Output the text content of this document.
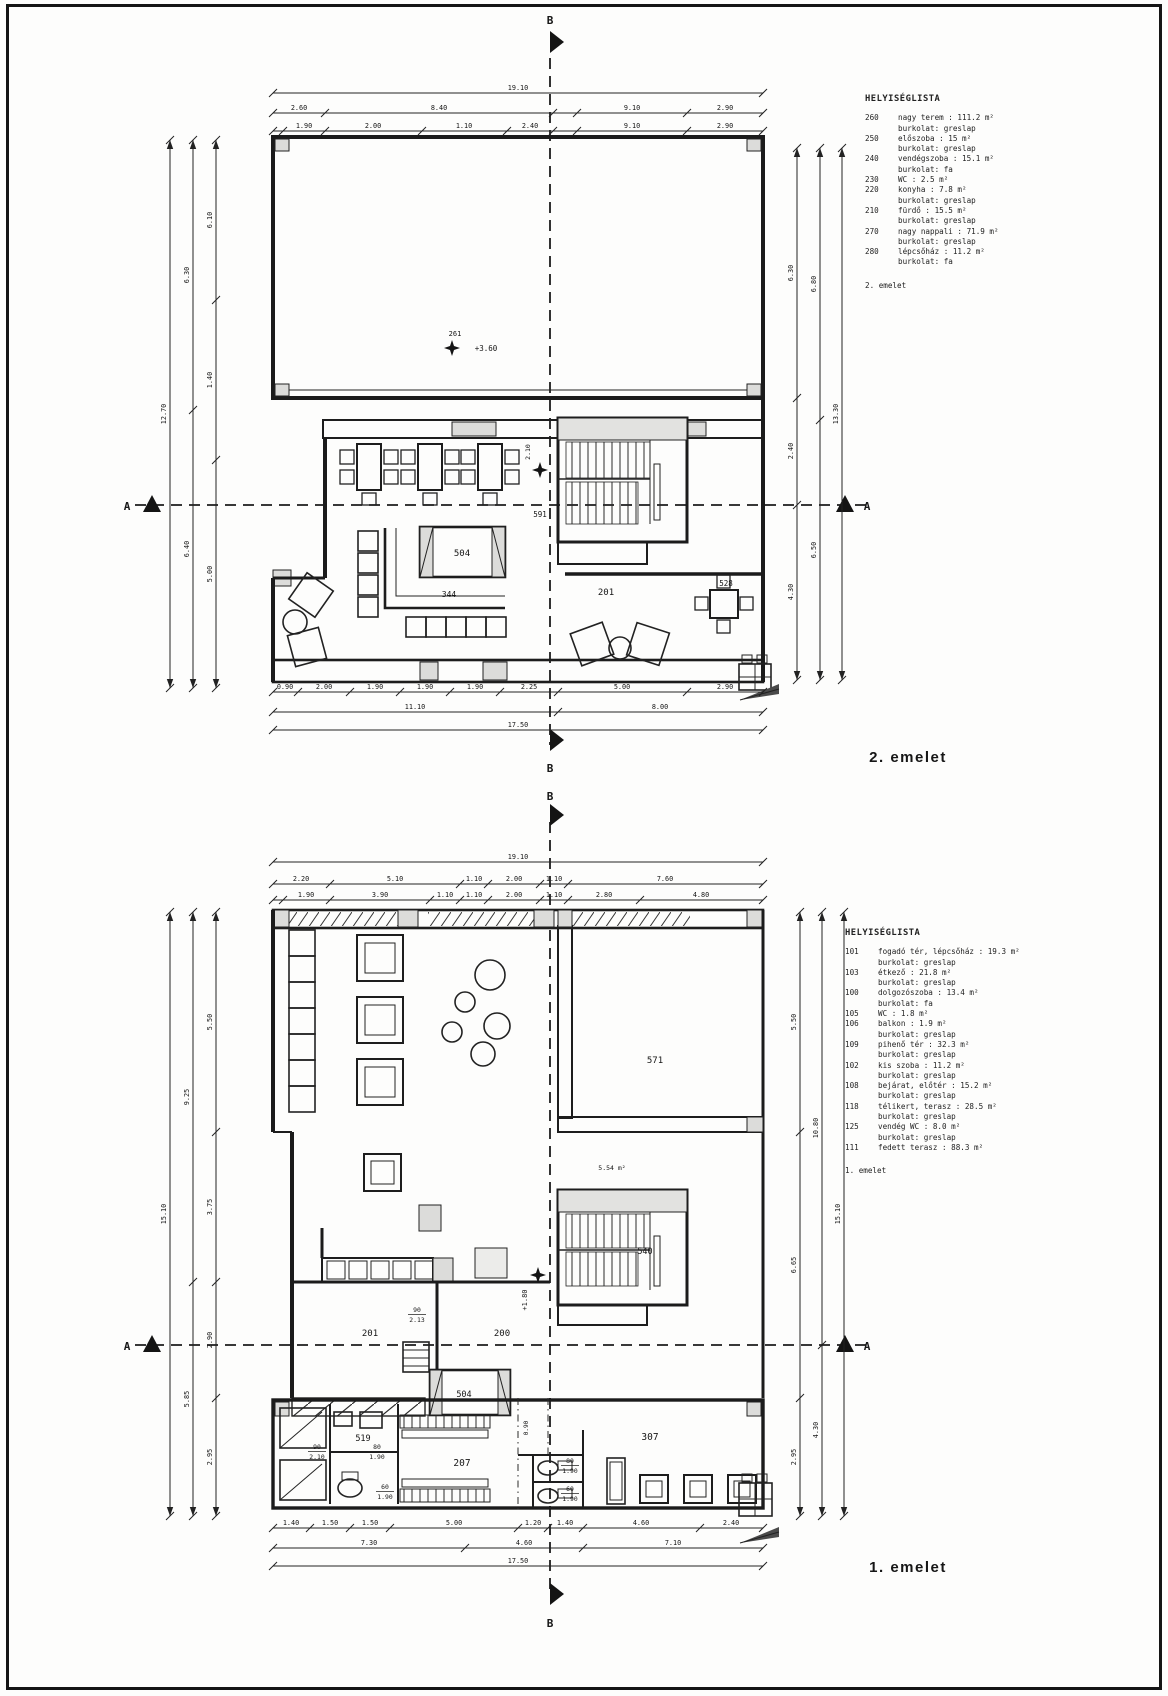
19.10
2.60	8.40	9.10	2.90
1.90	2.00	1.10	2.40	9.10	2.90
0.90	2.00	1.90	1.90	1.90	2.25	5.00	2.90
11.10	8.00
17.50
6.10
1.40
5.00
6.30
6.40
12.70
6.30
2.40
4.30
6.80
6.50
13.30
B
B
A	A
261
+3.60
2.10
591
504
344	201
528
2. emelet
19.10
2.20	5.10	1.10	2.00	1.10	7.60
1.90	3.90	1.10 1.10	2.00	1.10	2.80	4.80
1.40	1.50	1.50	5.00	1.20 1.40	4.60	2.40
7.30	4.60	7.10
17.50
5.50
3.75
2.90
2.95
9.25
5.85
15.10
5.50
6.65
2.95
10.80
4.30
15.10
B
B
A	A
5.54 m²
571
+1.80
540
201	200
504
519
207
307
0.90
90
2.13
90
2.10
80
1.90
60
1.90
80
1.90
60
1.90
1. emelet
HELYISÉGLISTA
260	nagy terem : 111.2 m²
burkolat: greslap
250	előszoba : 15 m²
burkolat: greslap
240	vendégszoba : 15.1 m²
burkolat: fa
230	WC : 2.5 m²
220	konyha : 7.8 m²
burkolat: greslap
210	fürdő : 15.5 m²
burkolat: greslap
270	nagy nappali : 71.9 m²
burkolat: greslap
280	lépcsőház : 11.2 m²
burkolat: fa
2. emelet
HELYISÉGLISTA
101	fogadó tér, lépcsőház : 19.3 m²
burkolat: greslap
103	étkező : 21.8 m²
burkolat: greslap
100	dolgozószoba : 13.4 m²
burkolat: fa
105	WC : 1.8 m²
106	balkon : 1.9 m²
burkolat: greslap
109	pihenő tér : 32.3 m²
burkolat: greslap
102	kis szoba : 11.2 m²
burkolat: greslap
108	bejárat, előtér : 15.2 m²
burkolat: greslap
118	télikert, terasz : 28.5 m²
burkolat: greslap
125	vendég WC : 8.0 m²
burkolat: greslap
111	fedett terasz : 88.3 m²
1. emelet
